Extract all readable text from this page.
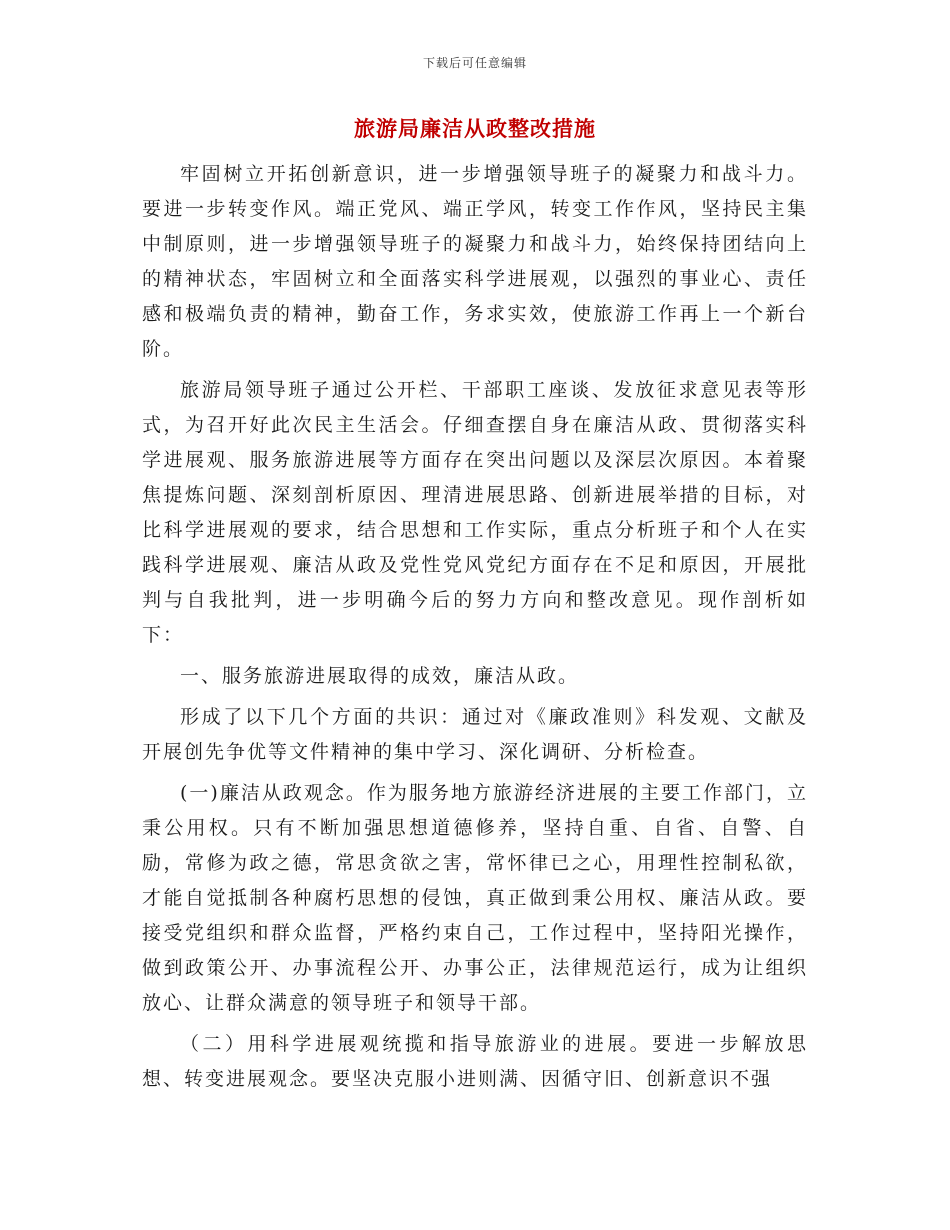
下载后可任意编辑
旅游局廉洁从政整改措施

牢固树立开拓创新意识，进一步增强领导班子的凝聚力和战斗力。要进一步转变作风。端正党风、端正学风，转变工作作风，坚持民主集中制原则，进一步增强领导班子的凝聚力和战斗力，始终保持团结向上的精神状态，牢固树立和全面落实科学进展观，以强烈的事业心、责任感和极端负责的精神，勤奋工作，务求实效，使旅游工作再上一个新台阶。

旅游局领导班子通过公开栏、干部职工座谈、发放征求意见表等形式，为召开好此次民主生活会。仔细查摆自身在廉洁从政、贯彻落实科学进展观、服务旅游进展等方面存在突出问题以及深层次原因。本着聚焦提炼问题、深刻剖析原因、理清进展思路、创新进展举措的目标，对比科学进展观的要求，结合思想和工作实际，重点分析班子和个人在实践科学进展观、廉洁从政及党性党风党纪方面存在不足和原因，开展批判与自我批判，进一步明确今后的努力方向和整改意见。现作剖析如下：

一、服务旅游进展取得的成效，廉洁从政。

形成了以下几个方面的共识：通过对《廉政准则》科发观、文献及开展创先争优等文件精神的集中学习、深化调研、分析检查。

(一)廉洁从政观念。作为服务地方旅游经济进展的主要工作部门，立秉公用权。只有不断加强思想道德修养，坚持自重、自省、自警、自励，常修为政之德，常思贪欲之害，常怀律已之心，用理性控制私欲，才能自觉抵制各种腐朽思想的侵蚀，真正做到秉公用权、廉洁从政。要接受党组织和群众监督，严格约束自己，工作过程中，坚持阳光操作，做到政策公开、办事流程公开、办事公正，法律规范运行，成为让组织放心、让群众满意的领导班子和领导干部。

（二）用科学进展观统揽和指导旅游业的进展。要进一步解放思想、转变进展观念。要坚决克服小进则满、因循守旧、创新意识不强
